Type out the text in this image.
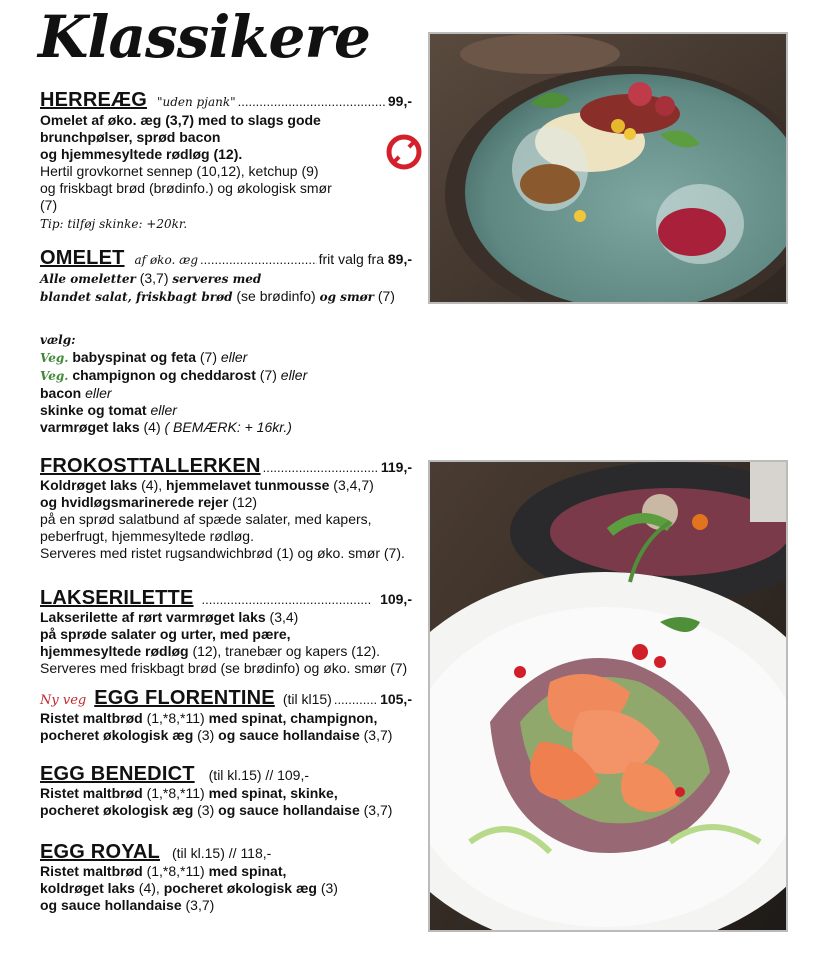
Klassikere
HERREÆG "uden pjank" .....	99,-
Omelet af øko. æg (3,7) med to slags gode
brunchpølser, sprød bacon
og hjemmesyltede rødløg (12).
Hertil grovkornet sennep (10,12), ketchup (9)
og friskbagt brød (brødinfo.) og økologisk smør
(7)
Tip: tilføj skinke: +20kr.
OMELET af øko. æg .....	frit valg fra
89,-
Alle omeletter (3,7) serveres med
blandet salat, friskbagt brød (se brødinfo) og smør (7)
vælg:
Veg. babyspinat og feta (7) eller
Veg. champignon og cheddarost (7) eller
bacon eller
skinke og tomat eller
varmrøget laks (4) ( BEMÆRK: + 16kr.)
FROKOSTTALLERKEN .....	119,-
Koldrøget laks (4), hjemmelavet tunmousse (3,4,7)
og hvidløgsmarinerede rejer (12)
på en sprød salatbund af spæde salater, med kapers,
peberfrugt, hjemmesyltede rødløg.
Serveres med ristet rugsandwichbrød (1) og øko. smør (7).
LAKSERILETTE .....	109,-
Lakserilette af rørt varmrøget laks (3,4)
på sprøde salater og urter, med pære,
hjemmesyltede rødløg (12), tranebær og kapers (12).
Serveres med friskbagt brød (se brødinfo) og øko. smør (7)
Ny veg EGG FLORENTINE (til kl15) .....	105,-
Ristet maltbrød (1,*8,*11) med spinat, champignon,
pocheret økologisk æg (3) og sauce hollandaise (3,7)
EGG BENEDICT (til kl.15) // 109,-
Ristet maltbrød (1,*8,*11) med spinat, skinke,
pocheret økologisk æg (3) og sauce hollandaise (3,7)
EGG ROYAL (til kl.15) // 118,-
Ristet maltbrød (1,*8,*11) med spinat,
koldrøget laks (4), pocheret økologisk æg (3)
og sauce hollandaise (3,7)
